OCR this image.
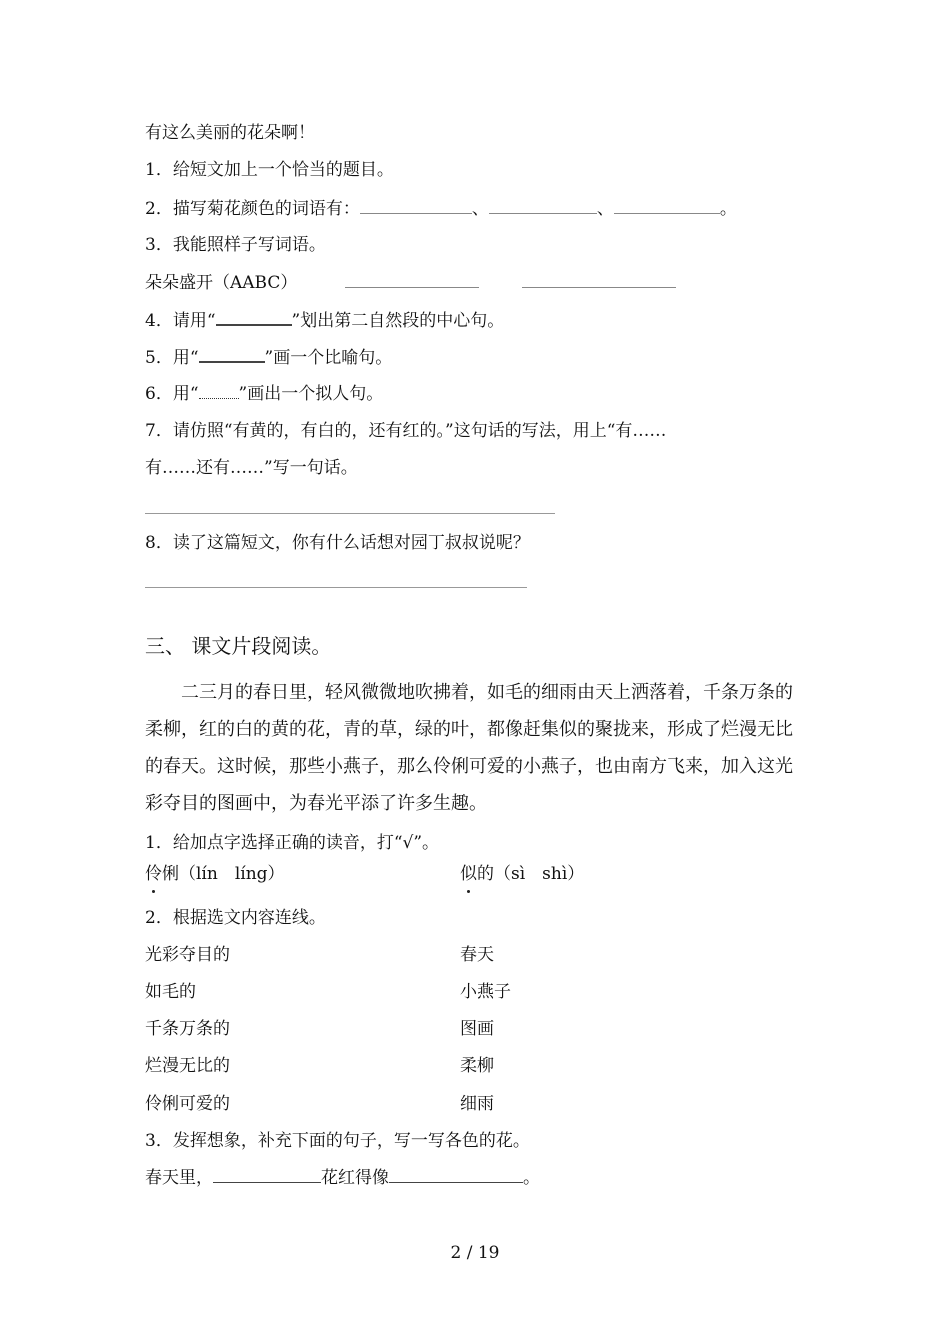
有这么美丽的花朵啊！
1．给短文加上一个恰当的题目。
2．描写菊花颜色的词语有：	、	、	。
3．我能照样子写词语。
朵朵盛开（AABC）
4．请用“	”划出第二自然段的中心句。
5．用“	”画一个比喻句。
6．用“ ”画出一个拟人句。
7．请仿照“有黄的，有白的，还有红的。”这句话的写法，用上“有……
有……还有……”写一句话。
8．读了这篇短文，你有什么话想对园丁叔叔说呢？
三、 课文片段阅读。
二三月的春日里，轻风微微地吹拂着，如毛的细雨由天上洒落着，千条万条的柔柳，红的白的黄的花，青的草，绿的叶，都像赶集似的聚拢来，形成了烂漫无比的春天。这时候，那些小燕子，那么伶俐可爱的小燕子，也由南方飞来，加入这光彩夺目的图画中，为春光平添了许多生趣。
1．给加点字选择正确的读音，打“√”。
伶俐（lín　líng）	似的（sì　shì）
2．根据选文内容连线。
光彩夺目的	春天
如毛的	小燕子
千条万条的	图画
烂漫无比的	柔柳
伶俐可爱的	细雨
3．发挥想象，补充下面的句子，写一写各色的花。
春天里，	花红得像	。
2 / 19
